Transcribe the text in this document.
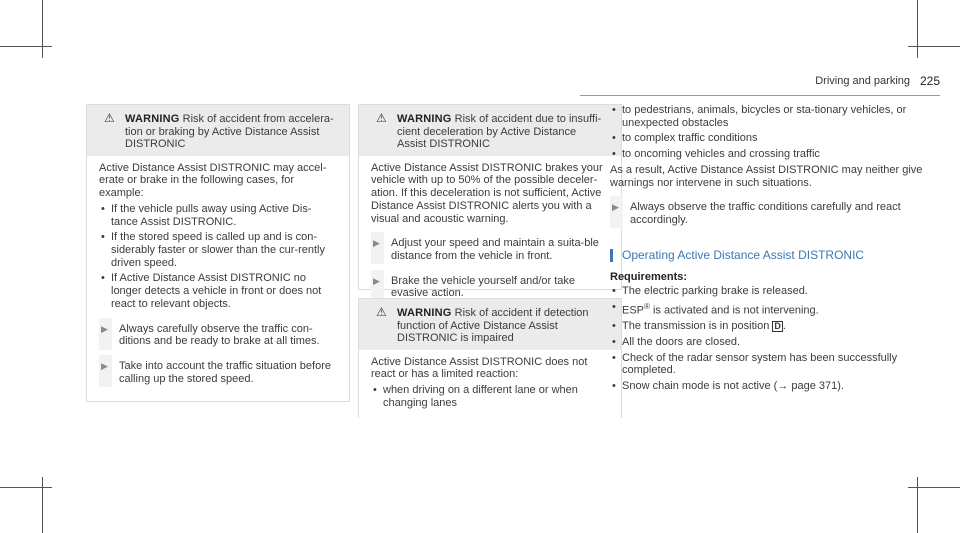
Driving and parking 225
⚠ WARNING Risk of accident from accelera-
tion or braking by Active Distance Assist
DISTRONIC
Active Distance Assist DISTRONIC may accel-erate or brake in the following cases, for example:
• If the vehicle pulls away using Active Dis-tance Assist DISTRONIC.
• If the stored speed is called up and is con-siderably faster or slower than the cur-rently driven speed.
• If Active Distance Assist DISTRONIC no longer detects a vehicle in front or does not react to relevant objects.
▶ Always carefully observe the traffic con-ditions and be ready to brake at all times.
▶ Take into account the traffic situation before calling up the stored speed.
⚠ WARNING Risk of accident due to insuffi-
cient deceleration by Active Distance
Assist DISTRONIC
Active Distance Assist DISTRONIC brakes your vehicle with up to 50% of the possible deceler-ation. If this deceleration is not sufficient, Active Distance Assist DISTRONIC alerts you with a visual and acoustic warning.
▶ Adjust your speed and maintain a suita-ble distance from the vehicle in front.
▶ Brake the vehicle yourself and/or take evasive action.
⚠ WARNING Risk of accident if detection
function of Active Distance Assist
DISTRONIC is impaired
Active Distance Assist DISTRONIC does not react or has a limited reaction:
• when driving on a different lane or when changing lanes
• to pedestrians, animals, bicycles or sta-tionary vehicles, or unexpected obstacles
• to complex traffic conditions
• to oncoming vehicles and crossing traffic
As a result, Active Distance Assist DISTRONIC may neither give warnings nor intervene in such situations.
▶ Always observe the traffic conditions carefully and react accordingly.
Operating Active Distance Assist DISTRONIC
Requirements:
• The electric parking brake is released.
• ESP® is activated and is not intervening.
• The transmission is in position D .
• All the doors are closed.
• Check of the radar sensor system has been successfully completed.
• Snow chain mode is not active (→ page 371).
